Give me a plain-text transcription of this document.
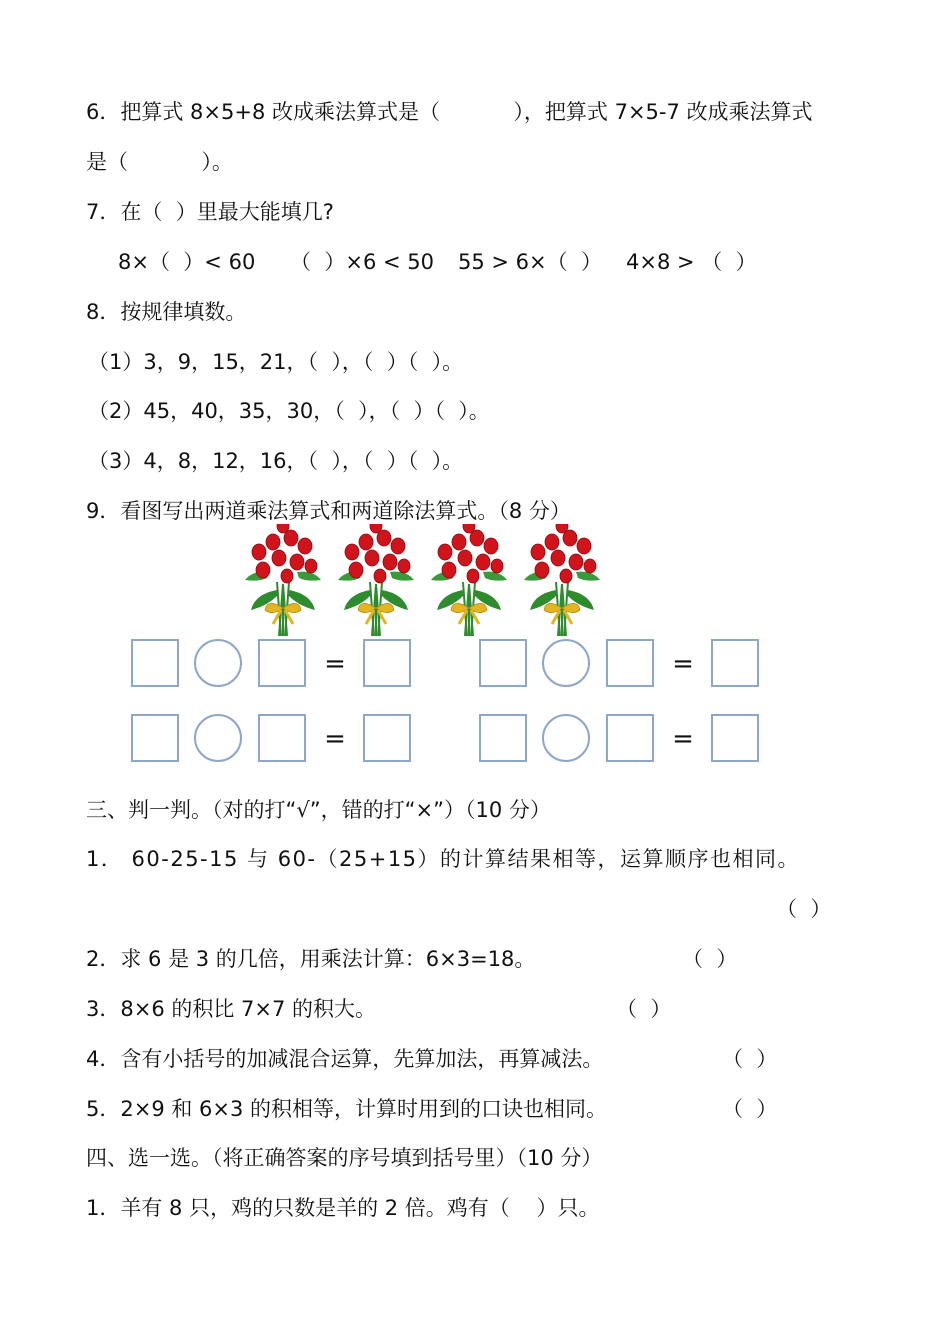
6．把算式 8×5+8 改成乘法算式是（           ），把算式 7×5-7 改成乘法算式
是（           ）。
7．在（  ）里最大能填几?
8×（  ）< 60 （  ）×6 < 50 55 > 6×（  ） 4×8 > （  ）
8．按规律填数。
（1）3，9，15，21，（  ），（  ）（  ）。
（2）45，40，35，30，（  ），（  ）（  ）。
（3）4，8，12，16，（  ），（  ）（  ）。
9．看图写出两道乘法算式和两道除法算式。（8 分）
=	=
=	=
三、判一判。（对的打“√”，错的打“×”）（10 分）
1． 60-25-15 与 60-（25+15）的计算结果相等，运算顺序也相同。
（  ）
2．求 6 是 3 的几倍，用乘法计算：6×3=18。	（  ）
3．8×6 的积比 7×7 的积大。	（  ）
4．含有小括号的加减混合运算，先算加法，再算减法。	（  ）
5．2×9 和 6×3 的积相等，计算时用到的口诀也相同。	（  ）
四、选一选。（将正确答案的序号填到括号里）（10 分）
1．羊有 8 只，鸡的只数是羊的 2 倍。鸡有（    ）只。
